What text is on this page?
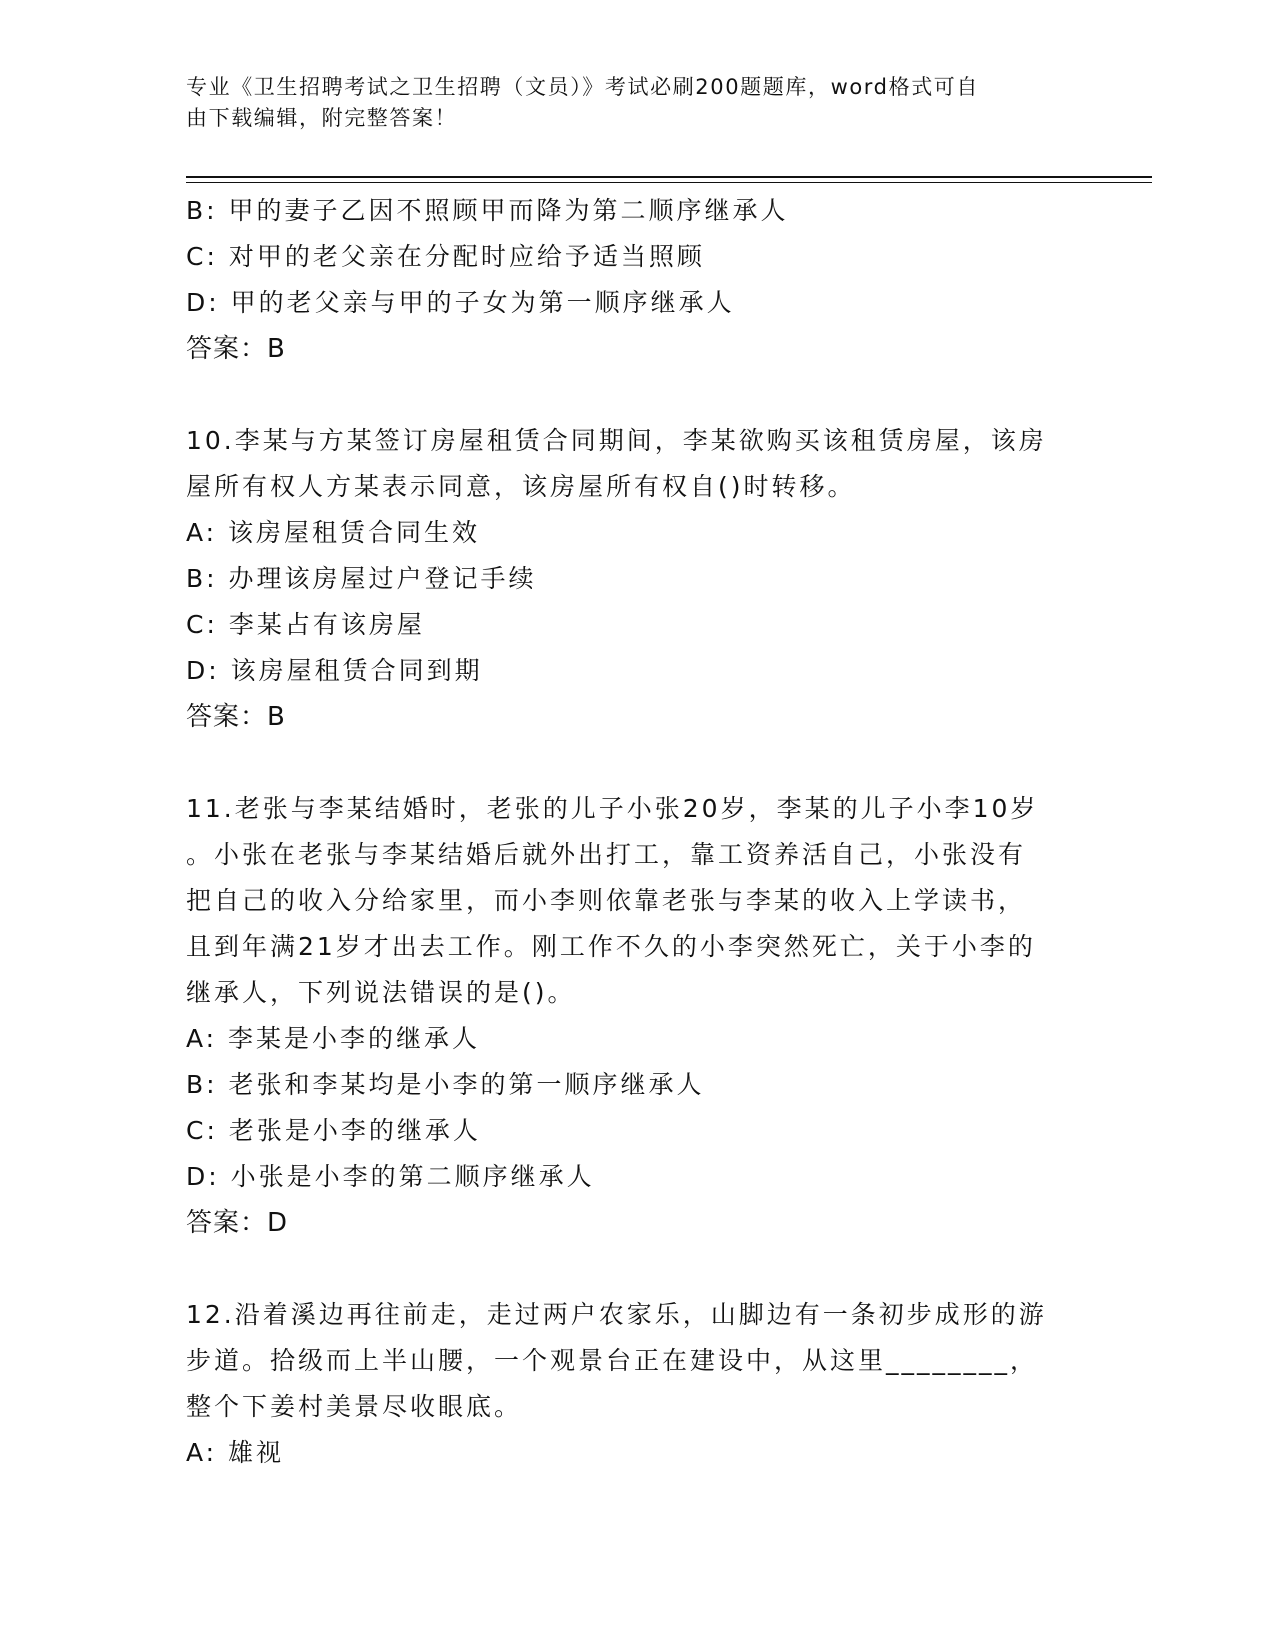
专业《卫生招聘考试之卫生招聘（文员）》考试必刷200题题库，word格式可自
由下载编辑，附完整答案！
B: 甲的妻子乙因不照顾甲而降为第二顺序继承人
C: 对甲的老父亲在分配时应给予适当照顾
D: 甲的老父亲与甲的子女为第一顺序继承人
答案：B
10.李某与方某签订房屋租赁合同期间，李某欲购买该租赁房屋，该房
屋所有权人方某表示同意，该房屋所有权自()时转移。
A: 该房屋租赁合同生效
B: 办理该房屋过户登记手续
C: 李某占有该房屋
D: 该房屋租赁合同到期
答案：B
11.老张与李某结婚时，老张的儿子小张20岁，李某的儿子小李10岁
。小张在老张与李某结婚后就外出打工，靠工资养活自己，小张没有
把自己的收入分给家里，而小李则依靠老张与李某的收入上学读书，
且到年满21岁才出去工作。刚工作不久的小李突然死亡，关于小李的
继承人，下列说法错误的是()。
A: 李某是小李的继承人
B: 老张和李某均是小李的第一顺序继承人
C: 老张是小李的继承人
D: 小张是小李的第二顺序继承人
答案：D
12.沿着溪边再往前走，走过两户农家乐，山脚边有一条初步成形的游
步道。拾级而上半山腰，一个观景台正在建设中，从这里________，
整个下姜村美景尽收眼底。
A: 雄视
